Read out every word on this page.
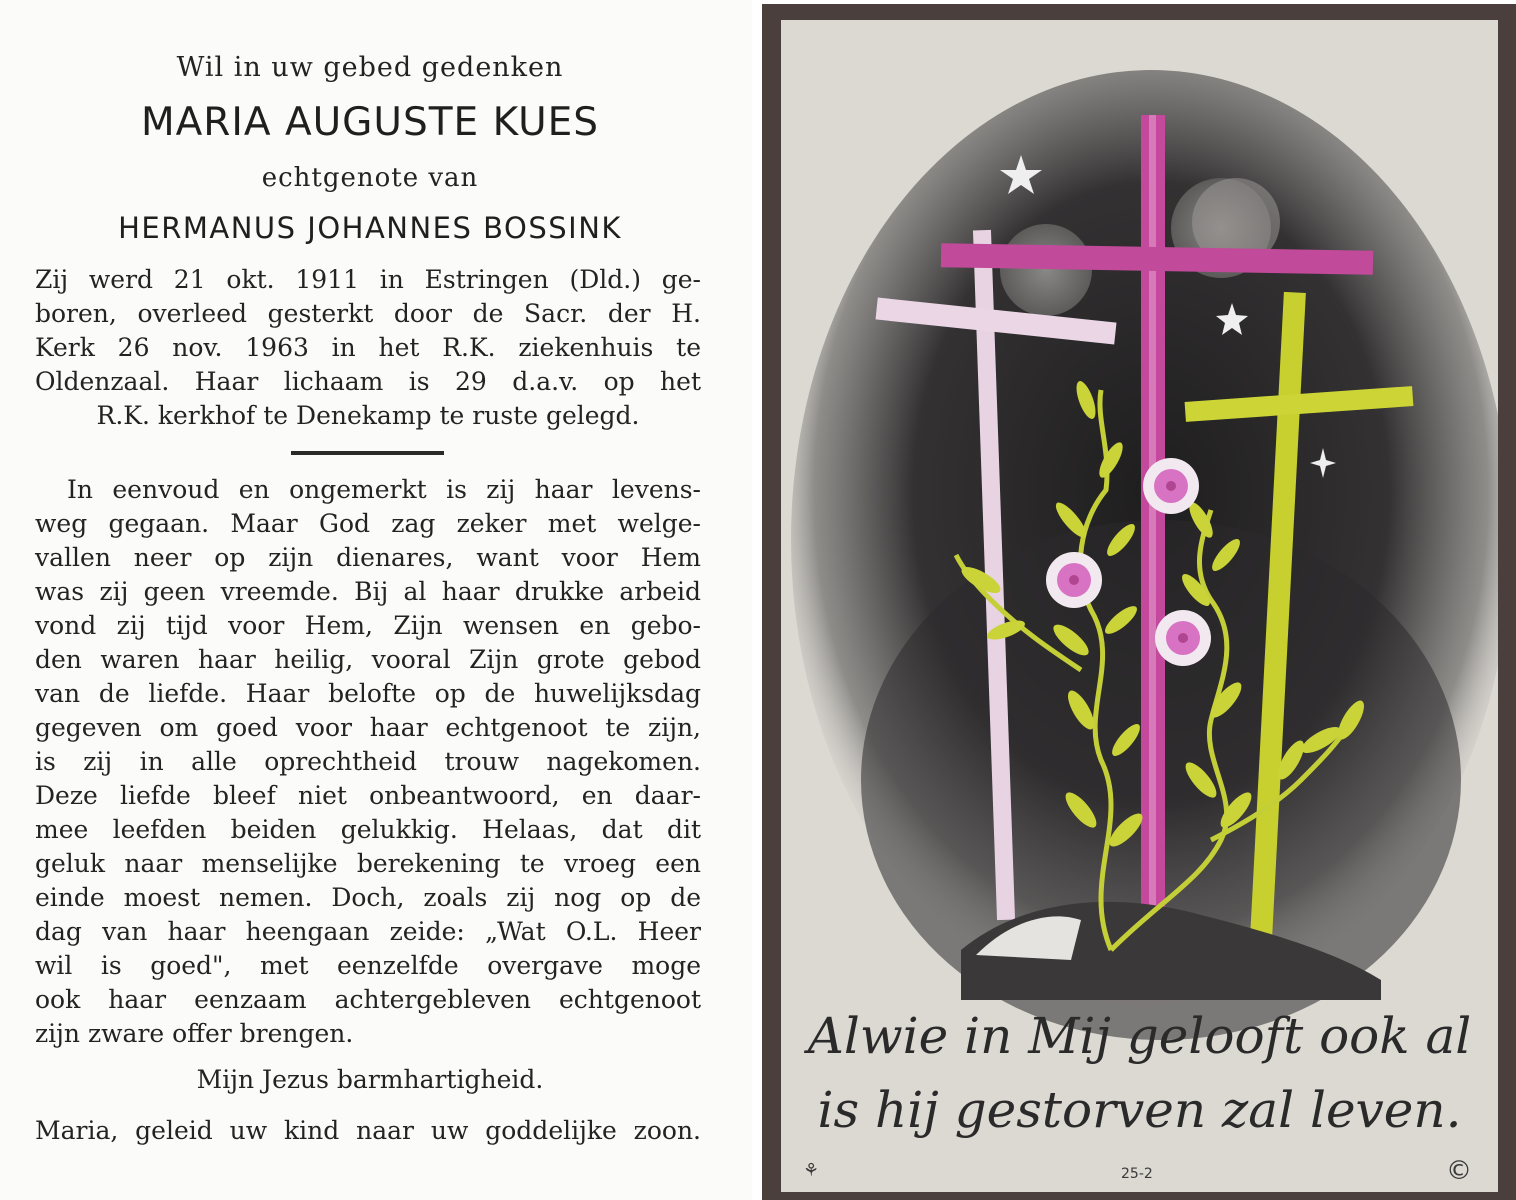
Wil in uw gebed gedenken
MARIA AUGUSTE KUES
echtgenote van
HERMANUS JOHANNES BOSSINK
Zij werd 21 okt. 1911 in Estringen (Dld.) ge-
boren, overleed gesterkt door de Sacr. der H.
Kerk 26 nov. 1963 in het R.K. ziekenhuis te
Oldenzaal. Haar lichaam is 29 d.a.v. op het
R.K. kerkhof te Denekamp te ruste gelegd.
In eenvoud en ongemerkt is zij haar levens-
weg gegaan. Maar God zag zeker met welge-
vallen neer op zijn dienares, want voor Hem
was zij geen vreemde. Bij al haar drukke arbeid
vond zij tijd voor Hem, Zijn wensen en gebo-
den waren haar heilig, vooral Zijn grote gebod
van de liefde. Haar belofte op de huwelijksdag
gegeven om goed voor haar echtgenoot te zijn,
is zij in alle oprechtheid trouw nagekomen.
Deze liefde bleef niet onbeantwoord, en daar-
mee leefden beiden gelukkig. Helaas, dat dit
geluk naar menselijke berekening te vroeg een
einde moest nemen. Doch, zoals zij nog op de
dag van haar heengaan zeide: „Wat O.L. Heer
wil is goed", met eenzelfde overgave moge
ook haar eenzaam achtergebleven echtgenoot
zijn zware offer brengen.
Mijn Jezus barmhartigheid.
Maria, geleid uw kind naar uw goddelijke zoon.
Alwie in Mij gelooft ook al
is hij gestorven zal leven.
⚘	25-2	©
